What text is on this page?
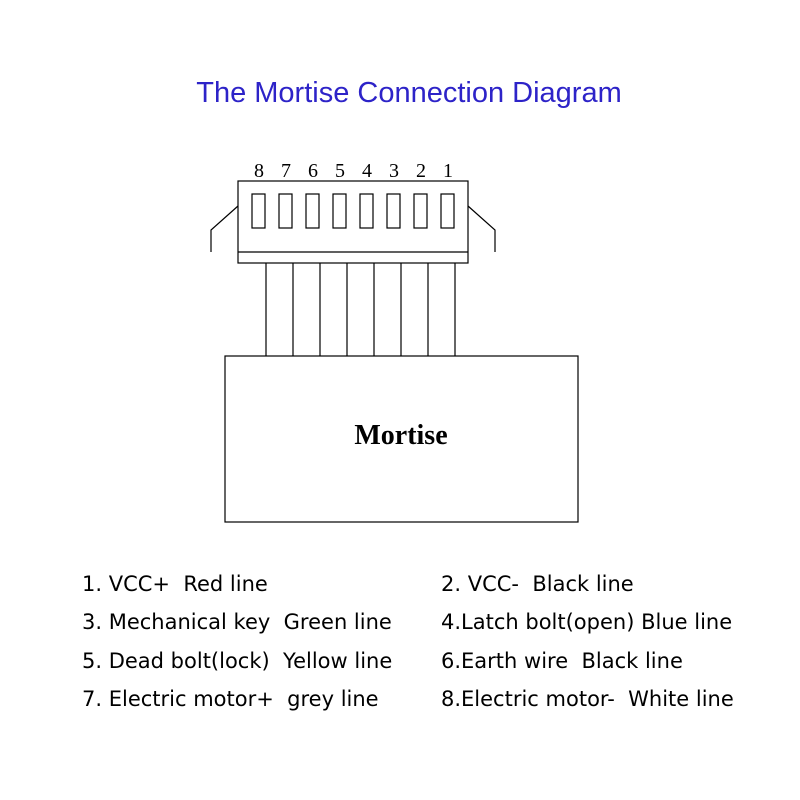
The Mortise Connection Diagram
8 7 6 5 4 3 2 1
Mortise
1. VCC+  Red line	2. VCC-  Black line
3. Mechanical key  Green line 4.Latch bolt(open) Blue line
5. Dead bolt(lock)  Yellow line 6.Earth wire  Black line
7. Electric motor+  grey line	8.Electric motor-  White line
